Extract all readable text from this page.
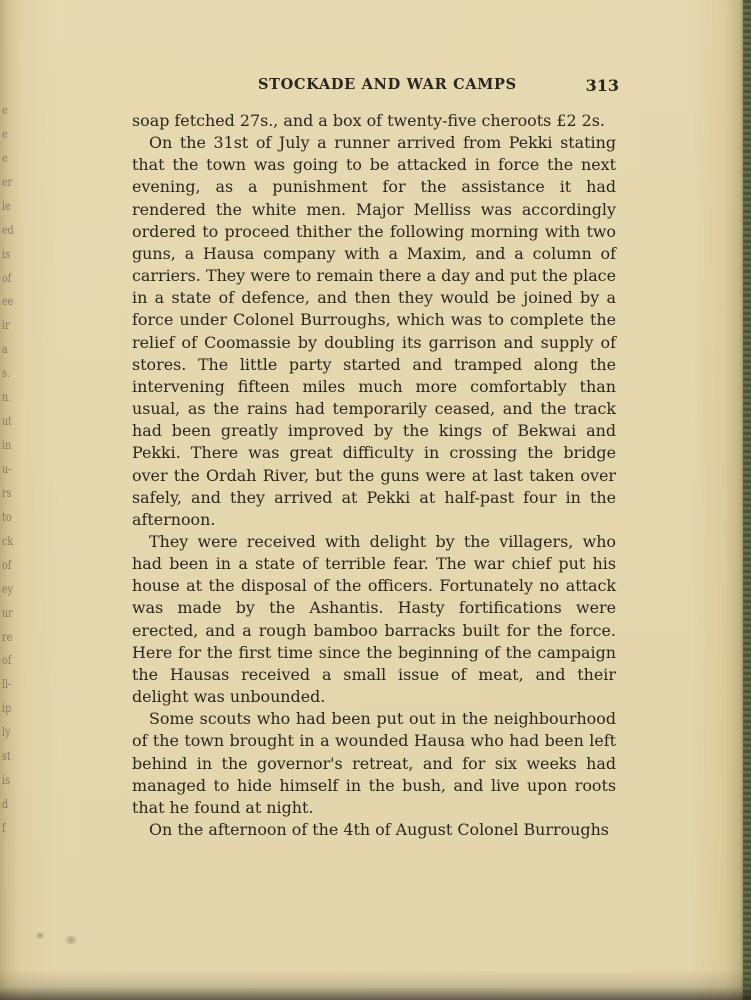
e
e
e
er
le
ed
is
of
ee
ir
a
s.
n.
ut
in
u-
rs
to
ck
of
ey
ur
re
of
ll-
ip
ly
st
is
d
f
STOCKADE AND WAR CAMPS	313

soap fetched 27s., and a box of twenty-five cheroots £2 2s.

On the 31st of July a runner arrived from Pekki stating that the town was going to be attacked in force the next evening, as a punishment for the assistance it had rendered the white men. Major Melliss was accordingly ordered to proceed thither the following morning with two guns, a Hausa company with a Maxim, and a column of carriers. They were to remain there a day and put the place in a state of defence, and then they would be joined by a force under Colonel Burroughs, which was to complete the relief of Coomassie by doubling its garrison and supply of stores. The little party started and tramped along the intervening fifteen miles much more comfortably than usual, as the rains had temporarily ceased, and the track had been greatly improved by the kings of Bekwai and Pekki. There was great difficulty in crossing the bridge over the Ordah River, but the guns were at last taken over safely, and they arrived at Pekki at half-past four in the afternoon.

They were received with delight by the villagers, who had been in a state of terrible fear. The war chief put his house at the disposal of the officers. Fortunately no attack was made by the Ashantis. Hasty fortifications were erected, and a rough bamboo barracks built for the force. Here for the first time since the beginning of the campaign the Hausas received a small issue of meat, and their delight was unbounded.

Some scouts who had been put out in the neighbourhood of the town brought in a wounded Hausa who had been left behind in the governor's retreat, and for six weeks had managed to hide himself in the bush, and live upon roots that he found at night.

On the afternoon of the 4th of August Colonel Burroughs
